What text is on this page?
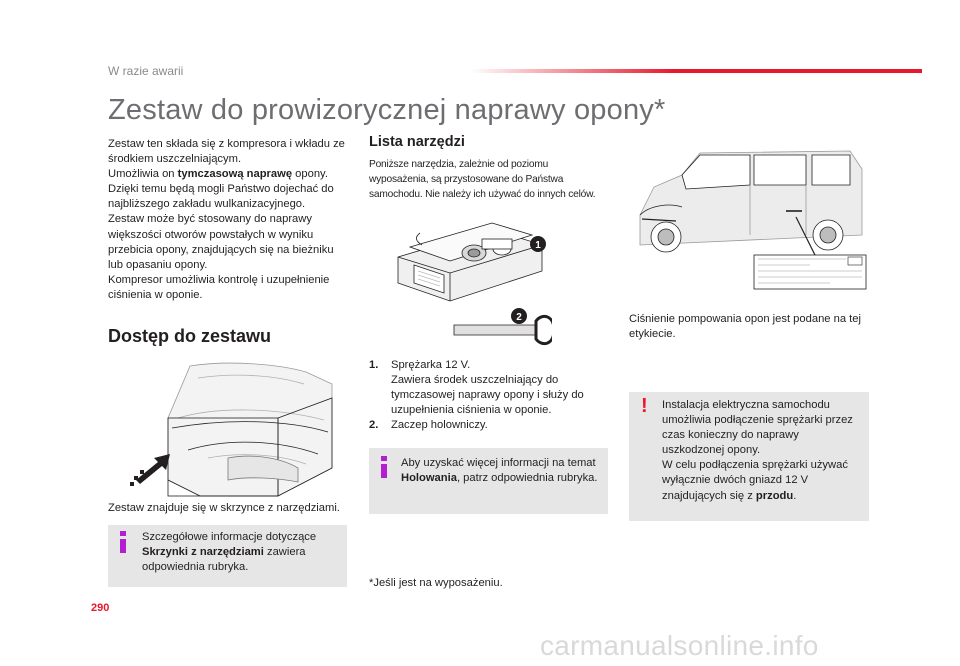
W razie awarii
Zestaw do prowizorycznej naprawy opony*
Zestaw ten składa się z kompresora i wkładu ze środkiem uszczelniającym.
Umożliwia on tymczasową naprawę opony. Dzięki temu będą mogli Państwo dojechać do najbliższego zakładu wulkanizacyjnego.
Zestaw może być stosowany do naprawy większości otworów powstałych w wyniku przebicia opony, znajdujących się na bieżniku lub opasaniu opony.
Kompresor umożliwia kontrolę i uzupełnienie ciśnienia w oponie.
Dostęp do zestawu
Zestaw znajduje się w skrzynce z narzędziami.
Szczegółowe informacje dotyczące Skrzynki z narzędziami zawiera odpowiednia rubryka.
Lista narzędzi
Poniższe narzędzia, zależnie od poziomu wyposażenia, są przystosowane do Państwa samochodu. Nie należy ich używać do innych celów.
1
2
1. Sprężarka 12 V.
Zawiera środek uszczelniający do tymczasowej naprawy opony i służy do uzupełnienia ciśnienia w oponie.
2. Zaczep holowniczy.
Aby uzyskać więcej informacji na temat Holowania, patrz odpowiednia rubryka.
*Jeśli jest na wyposażeniu.
Ciśnienie pompowania opon jest podane na tej etykiecie.
! Instalacja elektryczna samochodu umożliwia podłączenie sprężarki przez czas konieczny do naprawy uszkodzonej opony.
W celu podłączenia sprężarki używać wyłącznie dwóch gniazd 12 V znajdujących się z przodu.
290
carmanualsonline.info
